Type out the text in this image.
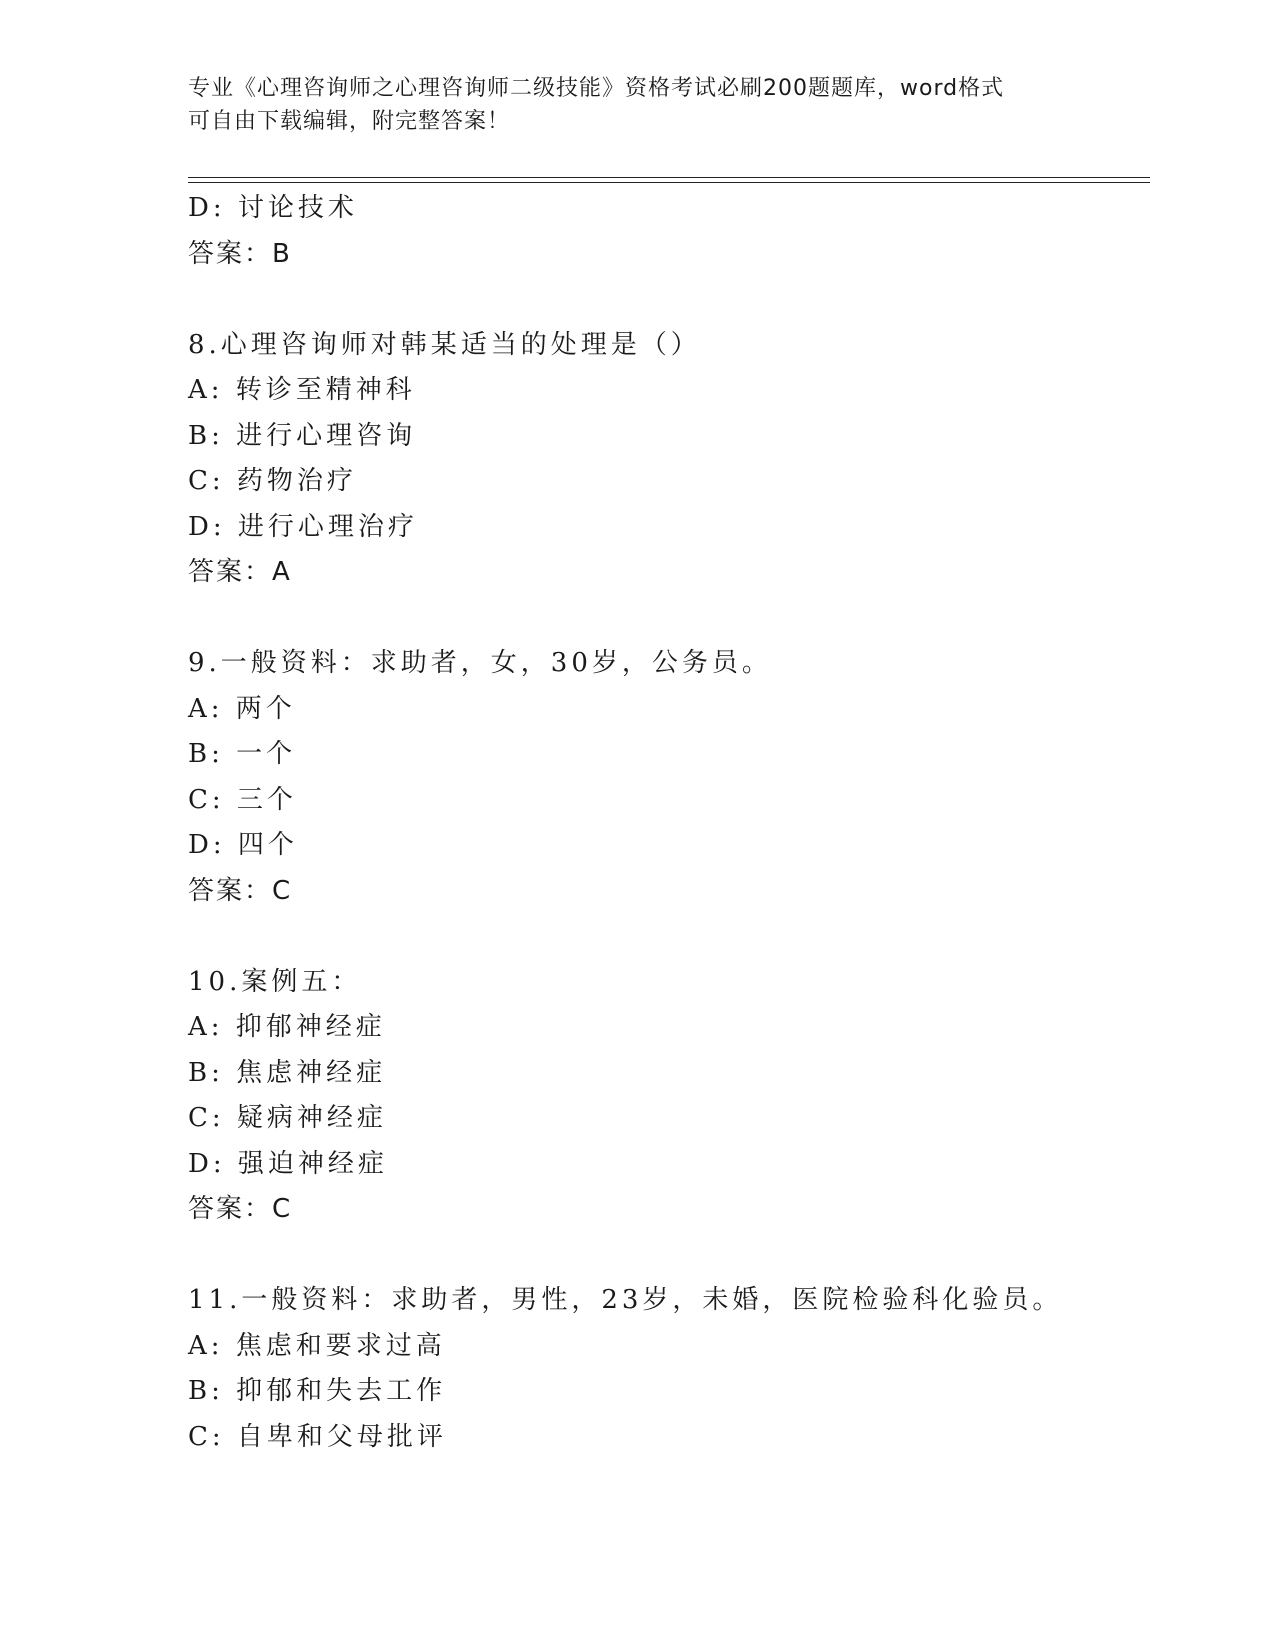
专业《心理咨询师之心理咨询师二级技能》资格考试必刷200题题库，word格式
可自由下载编辑，附完整答案！
D: 讨论技术
答案：B
8.心理咨询师对韩某适当的处理是（）
A: 转诊至精神科
B: 进行心理咨询
C: 药物治疗
D: 进行心理治疗
答案：A
9.一般资料：求助者，女，30岁，公务员。
A: 两个
B: 一个
C: 三个
D: 四个
答案：C
10.案例五：
A: 抑郁神经症
B: 焦虑神经症
C: 疑病神经症
D: 强迫神经症
答案：C
11.一般资料：求助者，男性，23岁，未婚，医院检验科化验员。
A: 焦虑和要求过高
B: 抑郁和失去工作
C: 自卑和父母批评
